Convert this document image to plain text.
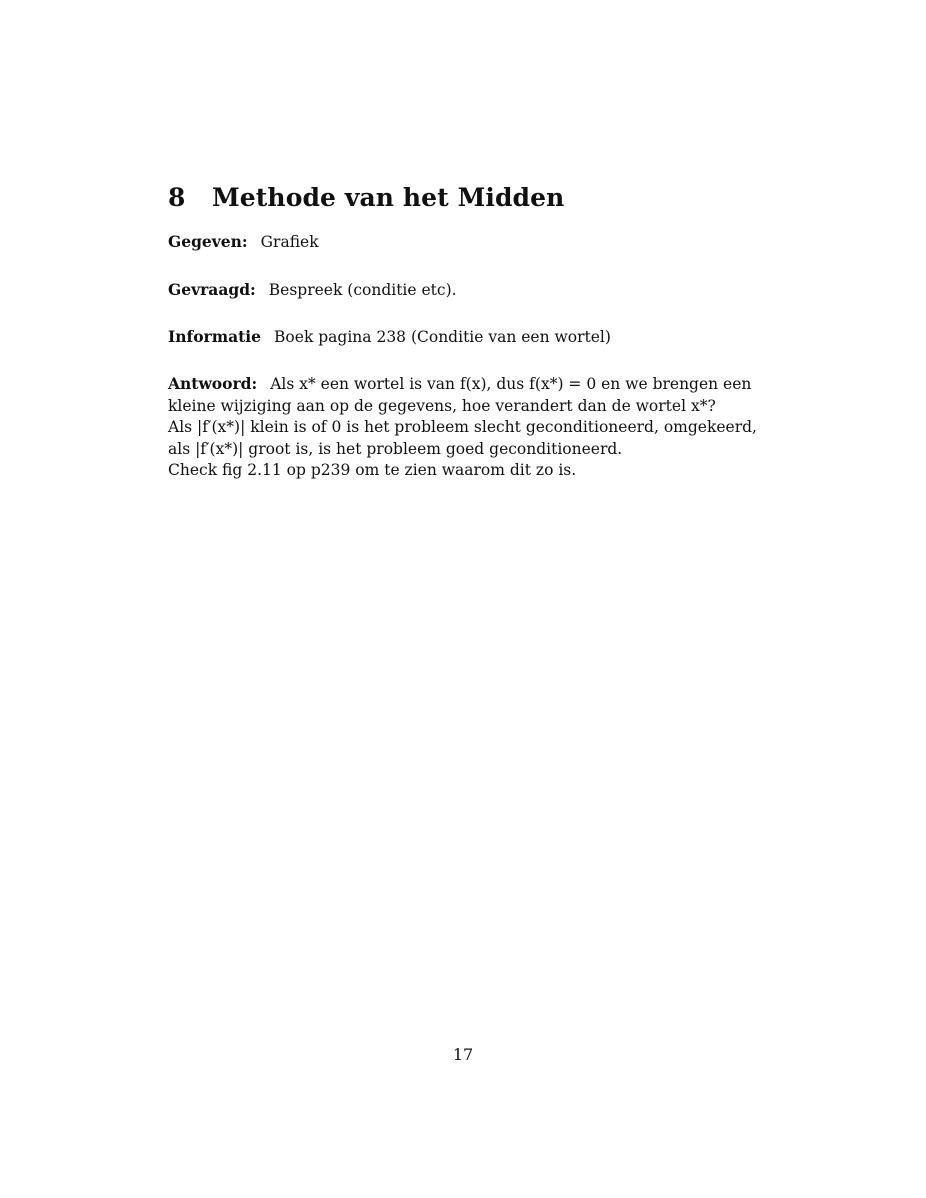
8 Methode van het Midden

Gegeven: Grafiek

Gevraagd: Bespreek (conditie etc).

Informatie Boek pagina 238 (Conditie van een wortel)

Antwoord: Als x* een wortel is van f(x), dus f(x*) = 0 en we brengen een
kleine wijziging aan op de gegevens, hoe verandert dan de wortel x*?
Als |f′(x*)| klein is of 0 is het probleem slecht geconditioneerd, omgekeerd,
als |f′(x*)| groot is, is het probleem goed geconditioneerd.
Check fig 2.11 op p239 om te zien waarom dit zo is.

17
